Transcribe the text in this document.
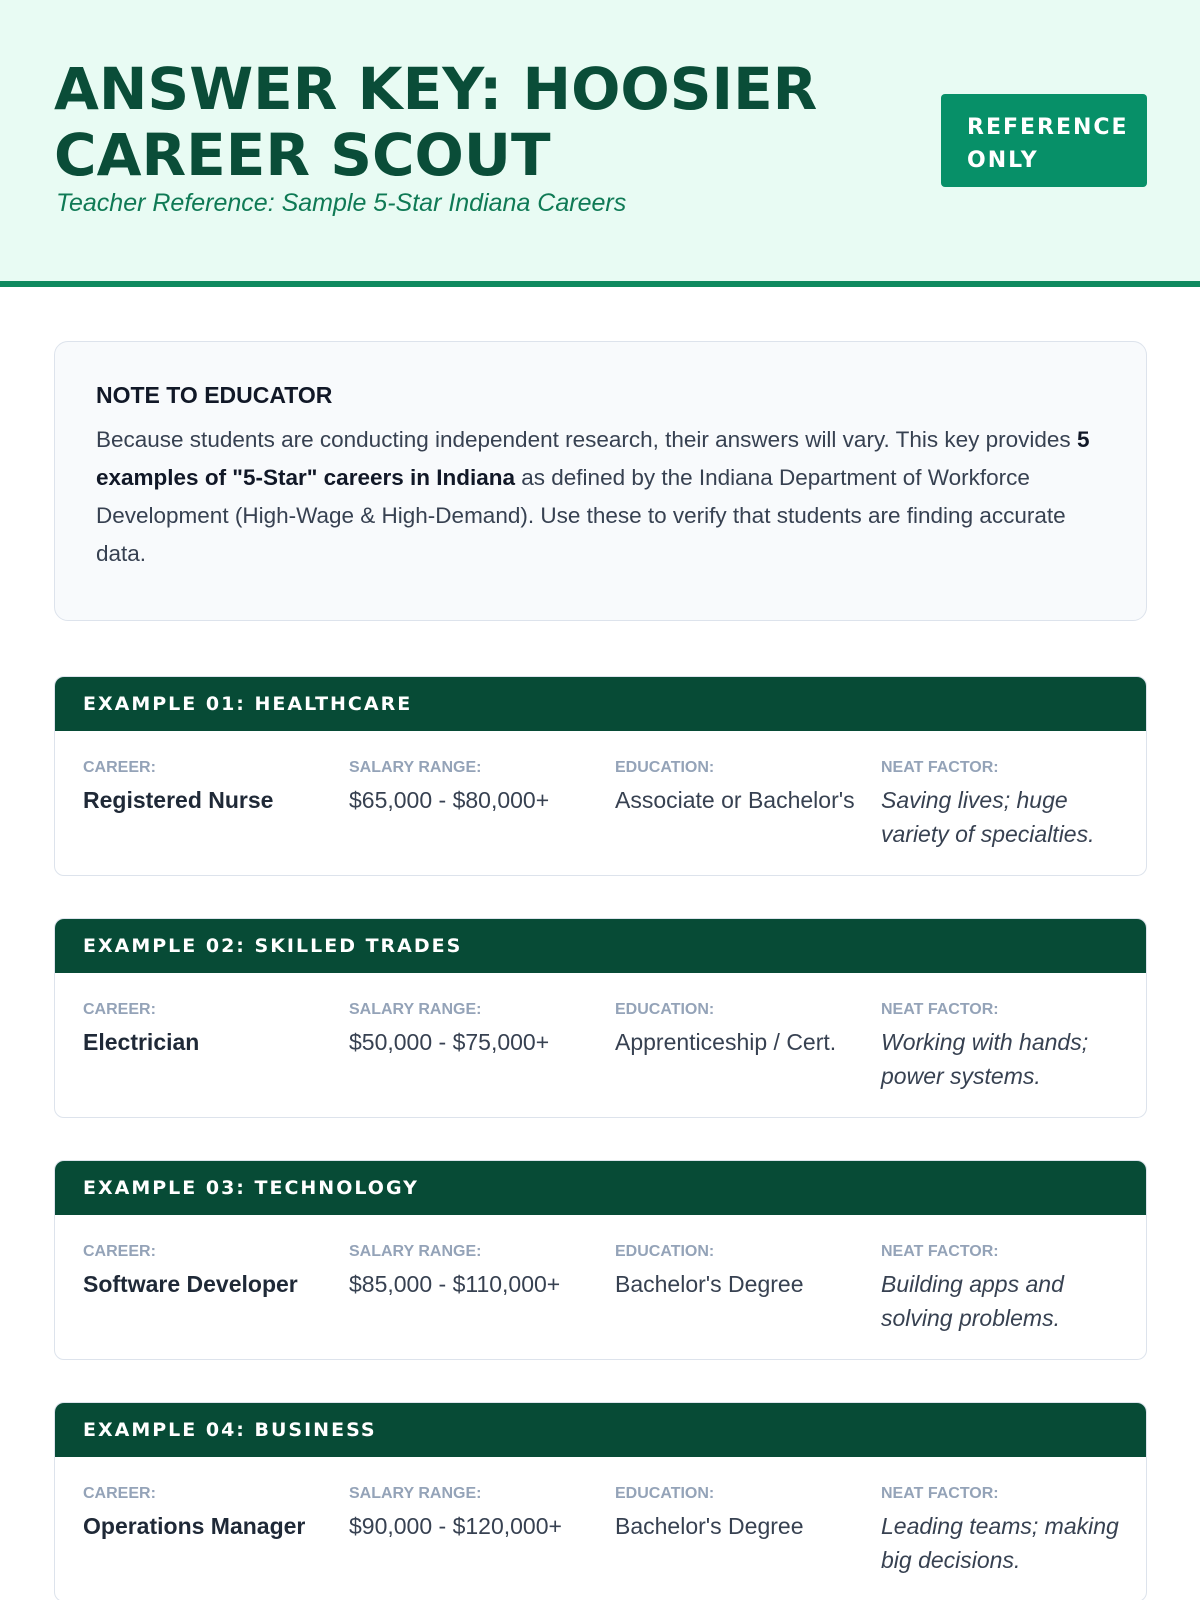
ANSWER KEY: HOOSIER
CAREER SCOUT
Teacher Reference: Sample 5-Star Indiana Careers
REFERENCE
ONLY
NOTE TO EDUCATOR
Because students are conducting independent research, their answers will vary. This key provides 5 examples of "5-Star" careers in Indiana as defined by the Indiana Department of Workforce Development (High-Wage & High-Demand). Use these to verify that students are finding accurate data.
EXAMPLE 01: HEALTHCARE
CAREER:
Registered Nurse
SALARY RANGE:
$65,000 - $80,000+
EDUCATION:
Associate or Bachelor's
NEAT FACTOR:
Saving lives; huge variety of specialties.
EXAMPLE 02: SKILLED TRADES
CAREER:
Electrician
SALARY RANGE:
$50,000 - $75,000+
EDUCATION:
Apprenticeship / Cert.
NEAT FACTOR:
Working with hands; power systems.
EXAMPLE 03: TECHNOLOGY
CAREER:
Software Developer
SALARY RANGE:
$85,000 - $110,000+
EDUCATION:
Bachelor's Degree
NEAT FACTOR:
Building apps and solving problems.
EXAMPLE 04: BUSINESS
CAREER:
Operations Manager
SALARY RANGE:
$90,000 - $120,000+
EDUCATION:
Bachelor's Degree
NEAT FACTOR:
Leading teams; making big decisions.
